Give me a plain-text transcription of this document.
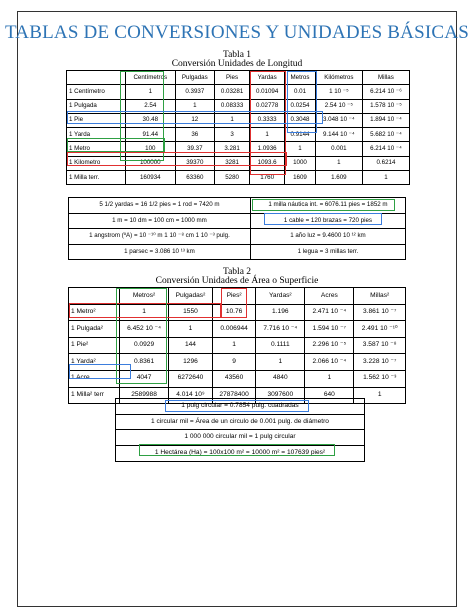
TABLAS DE CONVERSIONES Y UNIDADES BÁSICAS
Tabla 1
Conversión Unidades de Longitud
	Centímetros	Pulgadas	Pies	Yardas	Metros	Kilómetros	Millas
1 Centímetro	1	0.3937	0.03281	0.01094	0.01	1 10 ⁻⁵	6.214 10 ⁻⁶
1 Pulgada	2.54	1	0.08333	0.02778	0.0254	2.54 10 ⁻⁵	1.578 10 ⁻⁵
1 Pie	30.48	12	1	0.3333	0.3048	3.048 10 ⁻⁴	1.894 10 ⁻⁴
1 Yarda	91.44	36	3	1	0.9144	9.144 10 ⁻⁴	5.682 10 ⁻⁴
1 Metro	100	39.37	3.281	1.0936	1	0.001	6.214 10 ⁻⁴
1 Kilometro	100000	39370	3281	1093.6	1000	1	0.6214
1 Milla terr.	160934	63360	5280	1760	1609	1.609	1
5 1/2 yardas = 16 1/2 pies = 1 rod = 7420 m	1 milla náutica int. = 6076.11 pies = 1852 m
1 m = 10 dm = 100 cm = 1000 mm	1 cable = 120 brazas = 720 pies
1 angstrom (ºA) = 10 ⁻¹⁰ m 1 10 ⁻⁸ cm 1 10 ⁻³ pulg.	1 año luz = 9.4600 10 ¹² km
1 parsec = 3.086 10 ¹³ km	1 legua = 3 millas terr.
Tabla 2
Conversión Unidades de Área o Superficie
	Metros²	Pulgadas²	Pies²	Yardas²	Acres	Millas²
1 Metro²	1	1550	10.76	1.196	2.471 10 ⁻⁴	3.861 10 ⁻⁷
1 Pulgada²	6.452 10 ⁻⁴	1	0.006944	7.716 10 ⁻⁴	1.594 10 ⁻⁷	2.491 10 ⁻¹⁰
1 Pie²	0.0929	144	1	0.1111	2.296 10 ⁻⁵	3.587 10 ⁻⁸
1 Yarda²	0.8361	1296	9	1	2.066 10 ⁻⁴	3.228 10 ⁻⁷
1 Acre	4047	6272640	43560	4840	1	1.562 10 ⁻³
1 Milla² terr	2589988	4.014 10⁹	27878400	3097600	640	1
1 pulg circular = 0.7854 pulg. cuadradas
1 circular mil = Área de un circulo de 0.001 pulg. de diámetro
1 000 000 circular mil = 1 pulg circular
1 Hectárea (Ha) = 100x100 m² = 10000 m² = 107639 pies²
